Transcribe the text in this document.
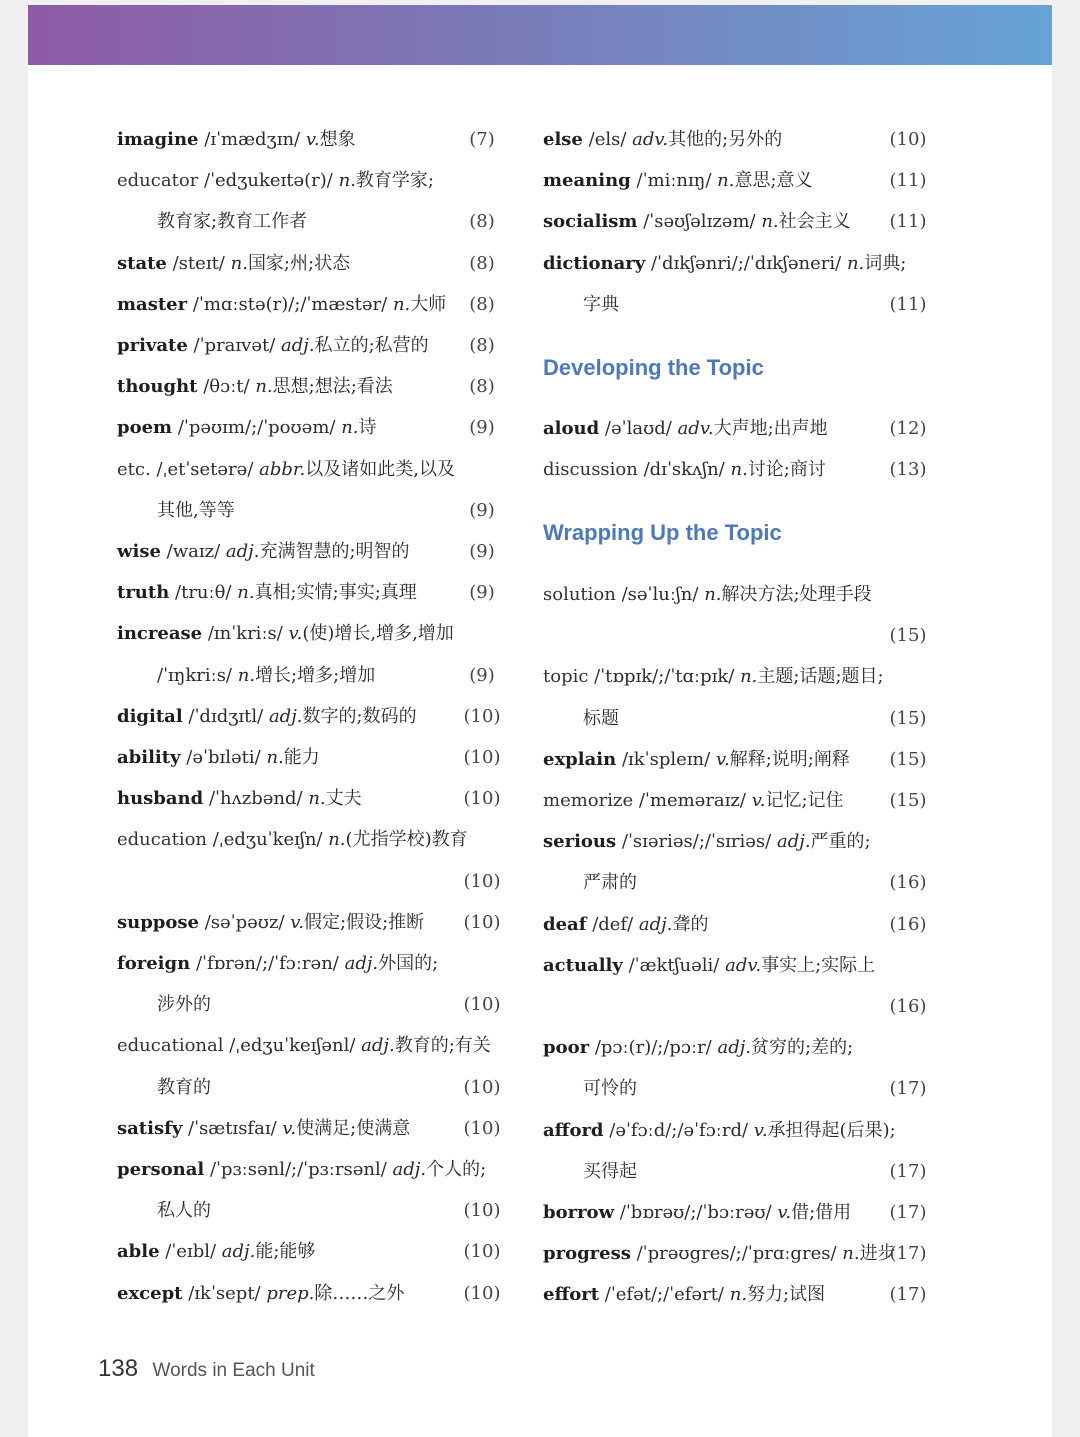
imagine /ɪˈmædʒɪn/ v.想象	(7)
educator /ˈedʒukeɪtə(r)/ n.教育学家;
教育家;教育工作者	(8)
state /steɪt/ n.国家;州;状态	(8)
master /ˈmɑːstə(r)/;/ˈmæstər/ n.大师	(8)
private /ˈpraɪvət/ adj.私立的;私营的	(8)
thought /θɔːt/ n.思想;想法;看法	(8)
poem /ˈpəʊɪm/;/ˈpoʊəm/ n.诗	(9)
etc. /ˌetˈsetərə/ abbr.以及诸如此类,以及
其他,等等	(9)
wise /waɪz/ adj.充满智慧的;明智的	(9)
truth /truːθ/ n.真相;实情;事实;真理	(9)
increase /ɪnˈkriːs/ v.(使)增长,增多,增加
/ˈɪŋkriːs/ n.增长;增多;增加	(9)
digital /ˈdɪdʒɪtl/ adj.数字的;数码的	(10)
ability /əˈbɪləti/ n.能力	(10)
husband /ˈhʌzbənd/ n.丈夫	(10)
education /ˌedʒuˈkeɪʃn/ n.(尤指学校)教育
(10)
suppose /səˈpəʊz/ v.假定;假设;推断 (10)
foreign /ˈfɒrən/;/ˈfɔːrən/ adj.外国的;
涉外的	(10)
educational /ˌedʒuˈkeɪʃənl/ adj.教育的;有关
教育的	(10)
satisfy /ˈsætɪsfaɪ/ v.使满足;使满意	(10)
personal /ˈpɜːsənl/;/ˈpɜːrsənl/ adj.个人的;
私人的	(10)
able /ˈeɪbl/ adj.能;能够	(10)
except /ɪkˈsept/ prep.除……之外	(10)
Developing the Topic
Wrapping Up the Topic
else /els/ adv.其他的;另外的	(10)
meaning /ˈmiːnɪŋ/ n.意思;意义	(11)
socialism /ˈsəʊʃəlɪzəm/ n.社会主义 (11)
dictionary /ˈdɪkʃənri/;/ˈdɪkʃəneri/ n.词典;
字典	(11)
aloud /əˈlaʊd/ adv.大声地;出声地	(12)
discussion /dɪˈskʌʃn/ n.讨论;商讨	(13)
solution /səˈluːʃn/ n.解决方法;处理手段
(15)
topic /ˈtɒpɪk/;/ˈtɑːpɪk/ n.主题;话题;题目;
标题	(15)
explain /ɪkˈspleɪn/ v.解释;说明;阐释 (15)
memorize /ˈmeməraɪz/ v.记忆;记住	(15)
serious /ˈsɪəriəs/;/ˈsɪriəs/ adj.严重的;
严肃的	(16)
deaf /def/ adj.聋的	(16)
actually /ˈæktʃuəli/ adv.事实上;实际上
(16)
poor /pɔː(r)/;/pɔːr/ adj.贫穷的;差的;
可怜的	(17)
afford /əˈfɔːd/;/əˈfɔːrd/ v.承担得起(后果);
买得起	(17)
borrow /ˈbɒrəʊ/;/ˈbɔːrəʊ/ v.借;借用 (17)
progress /ˈprəʊgres/;/ˈprɑːgres/ n.进步
(17)
effort /ˈefət/;/ˈefərt/ n.努力;试图	(17)
138 Words in Each Unit
